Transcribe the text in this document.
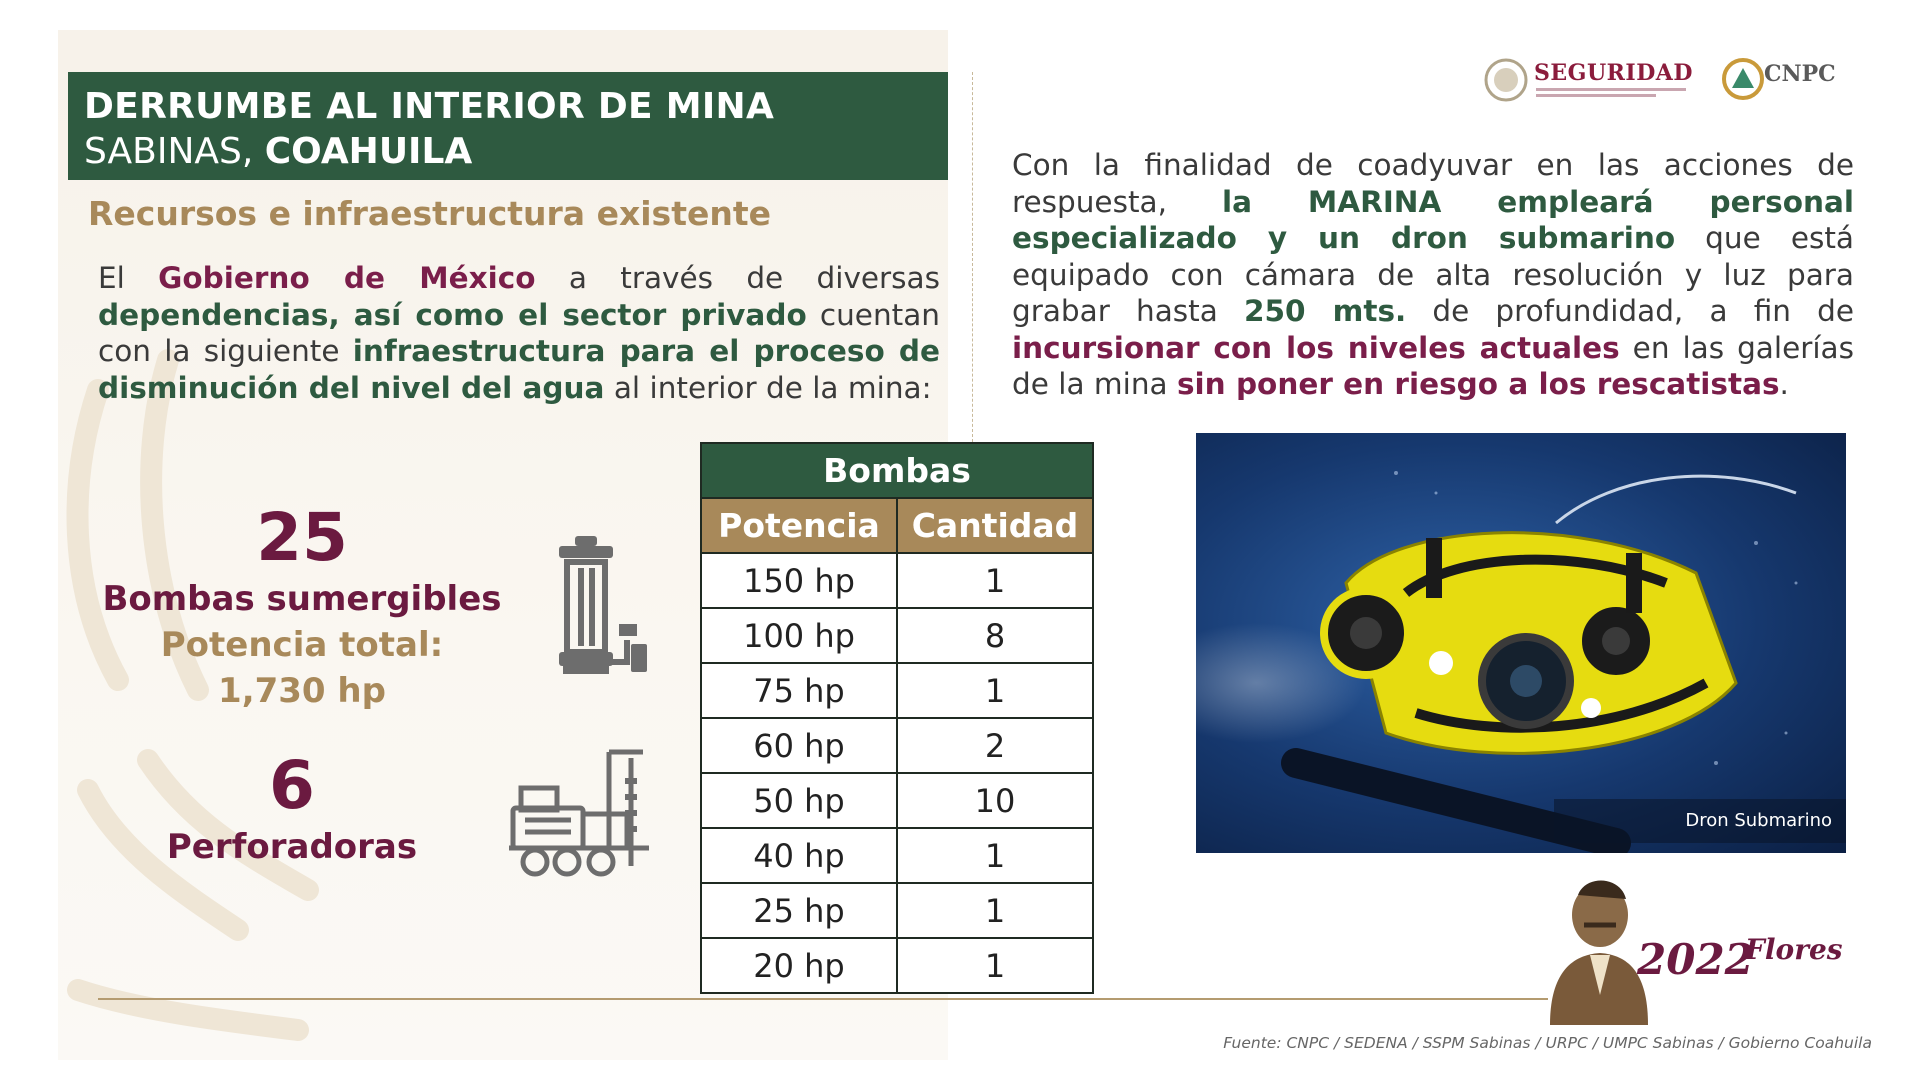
DERRUMBE AL INTERIOR DE MINA
SABINAS, COAHUILA
Recursos e infraestructura existente
El Gobierno de México a través de diversas dependencias, así como el sector privado cuentan con la siguiente infraestructura para el proceso de disminución del nivel del agua al interior de la mina:
25
Bombas sumergibles
Potencia total:
1,730 hp
6
Perforadoras
Bombas	
Potencia	Cantidad
150 hp	1
100 hp	8
75 hp	1
60 hp	2
50 hp	10
40 hp	1
25 hp	1
20 hp	1
Con la finalidad de coadyuvar en las acciones de respuesta, la MARINA empleará personal especializado y un dron submarino que está equipado con cámara de alta resolución y luz para grabar hasta 250 mts. de profundidad, a fin de incursionar con los niveles actuales en las galerías de la mina sin poner en riesgo a los rescatistas.
Dron Submarino
SEGURIDAD	CNPC
2022
Flores
Fuente: CNPC / SEDENA / SSPM Sabinas / URPC / UMPC Sabinas / Gobierno Coahuila
